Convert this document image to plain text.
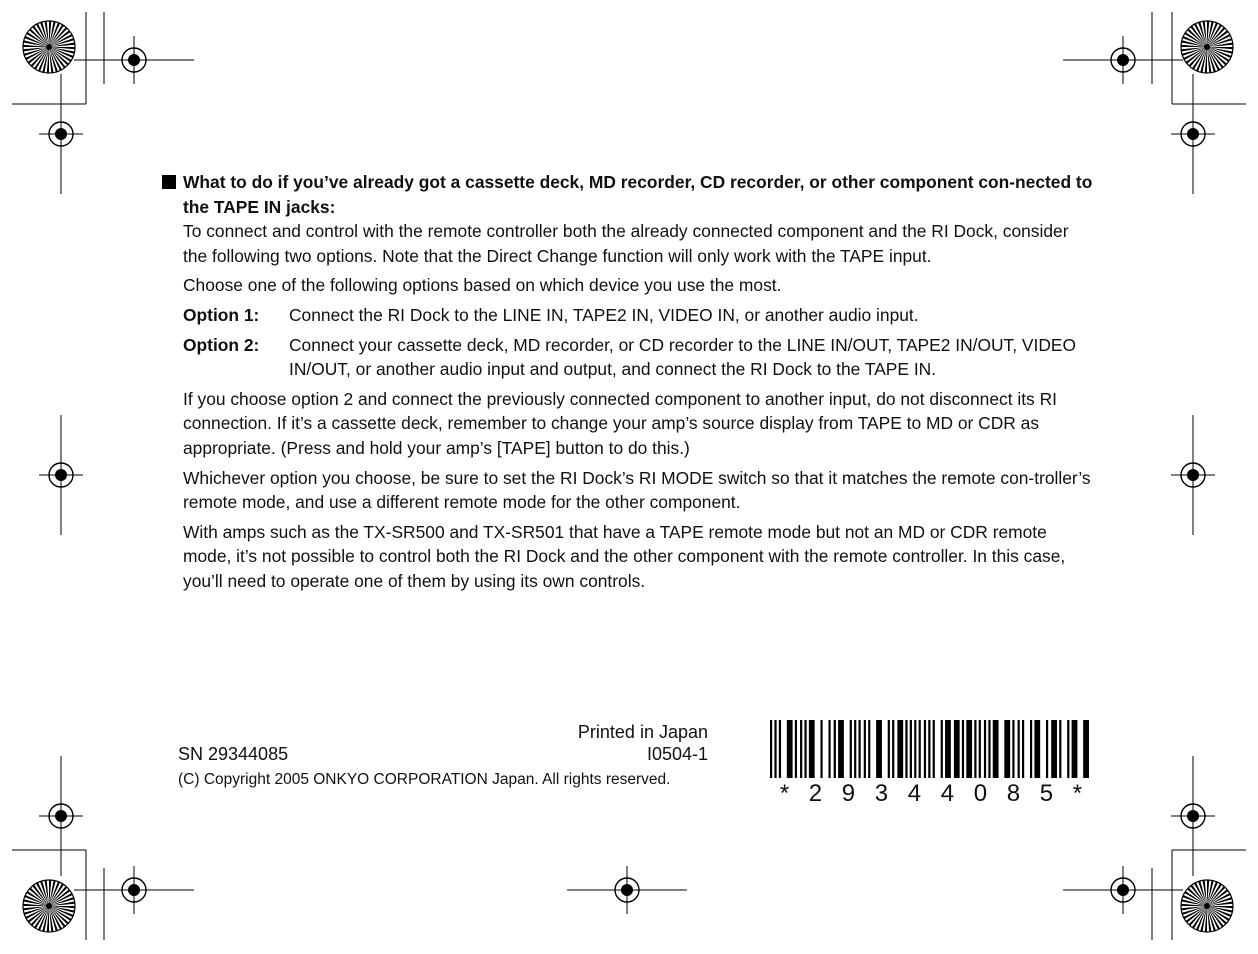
What to do if you’ve already got a cassette deck, MD recorder, CD recorder, or other component con-nected to the TAPE IN jacks:

To connect and control with the remote controller both the already connected component and the RI Dock, consider the following two options. Note that the Direct Change function will only work with the TAPE input.

Choose one of the following options based on which device you use the most.

Option 1:	Connect the RI Dock to the LINE IN, TAPE2 IN, VIDEO IN, or another audio input.
Option 2:	Connect your cassette deck, MD recorder, or CD recorder to the LINE IN/OUT, TAPE2 IN/OUT, VIDEO IN/OUT, or another audio input and output, and connect the RI Dock to the TAPE IN.

If you choose option 2 and connect the previously connected component to another input, do not disconnect its RI connection. If it’s a cassette deck, remember to change your amp’s source display from TAPE to MD or CDR as appropriate. (Press and hold your amp’s [TAPE] button to do this.)

Whichever option you choose, be sure to set the RI Dock’s RI MODE switch so that it matches the remote con-troller’s remote mode, and use a different remote mode for the other component.

With amps such as the TX-SR500 and TX-SR501 that have a TAPE remote mode but not an MD or CDR remote mode, it’s not possible to control both the RI Dock and the other component with the remote controller. In this case, you’ll need to operate one of them by using its own controls.

Printed in Japan
I0504-1
SN 29344085
(C) Copyright 2005 ONKYO CORPORATION Japan. All rights reserved.
* 2 9 3 4 4 0 8 5 *
